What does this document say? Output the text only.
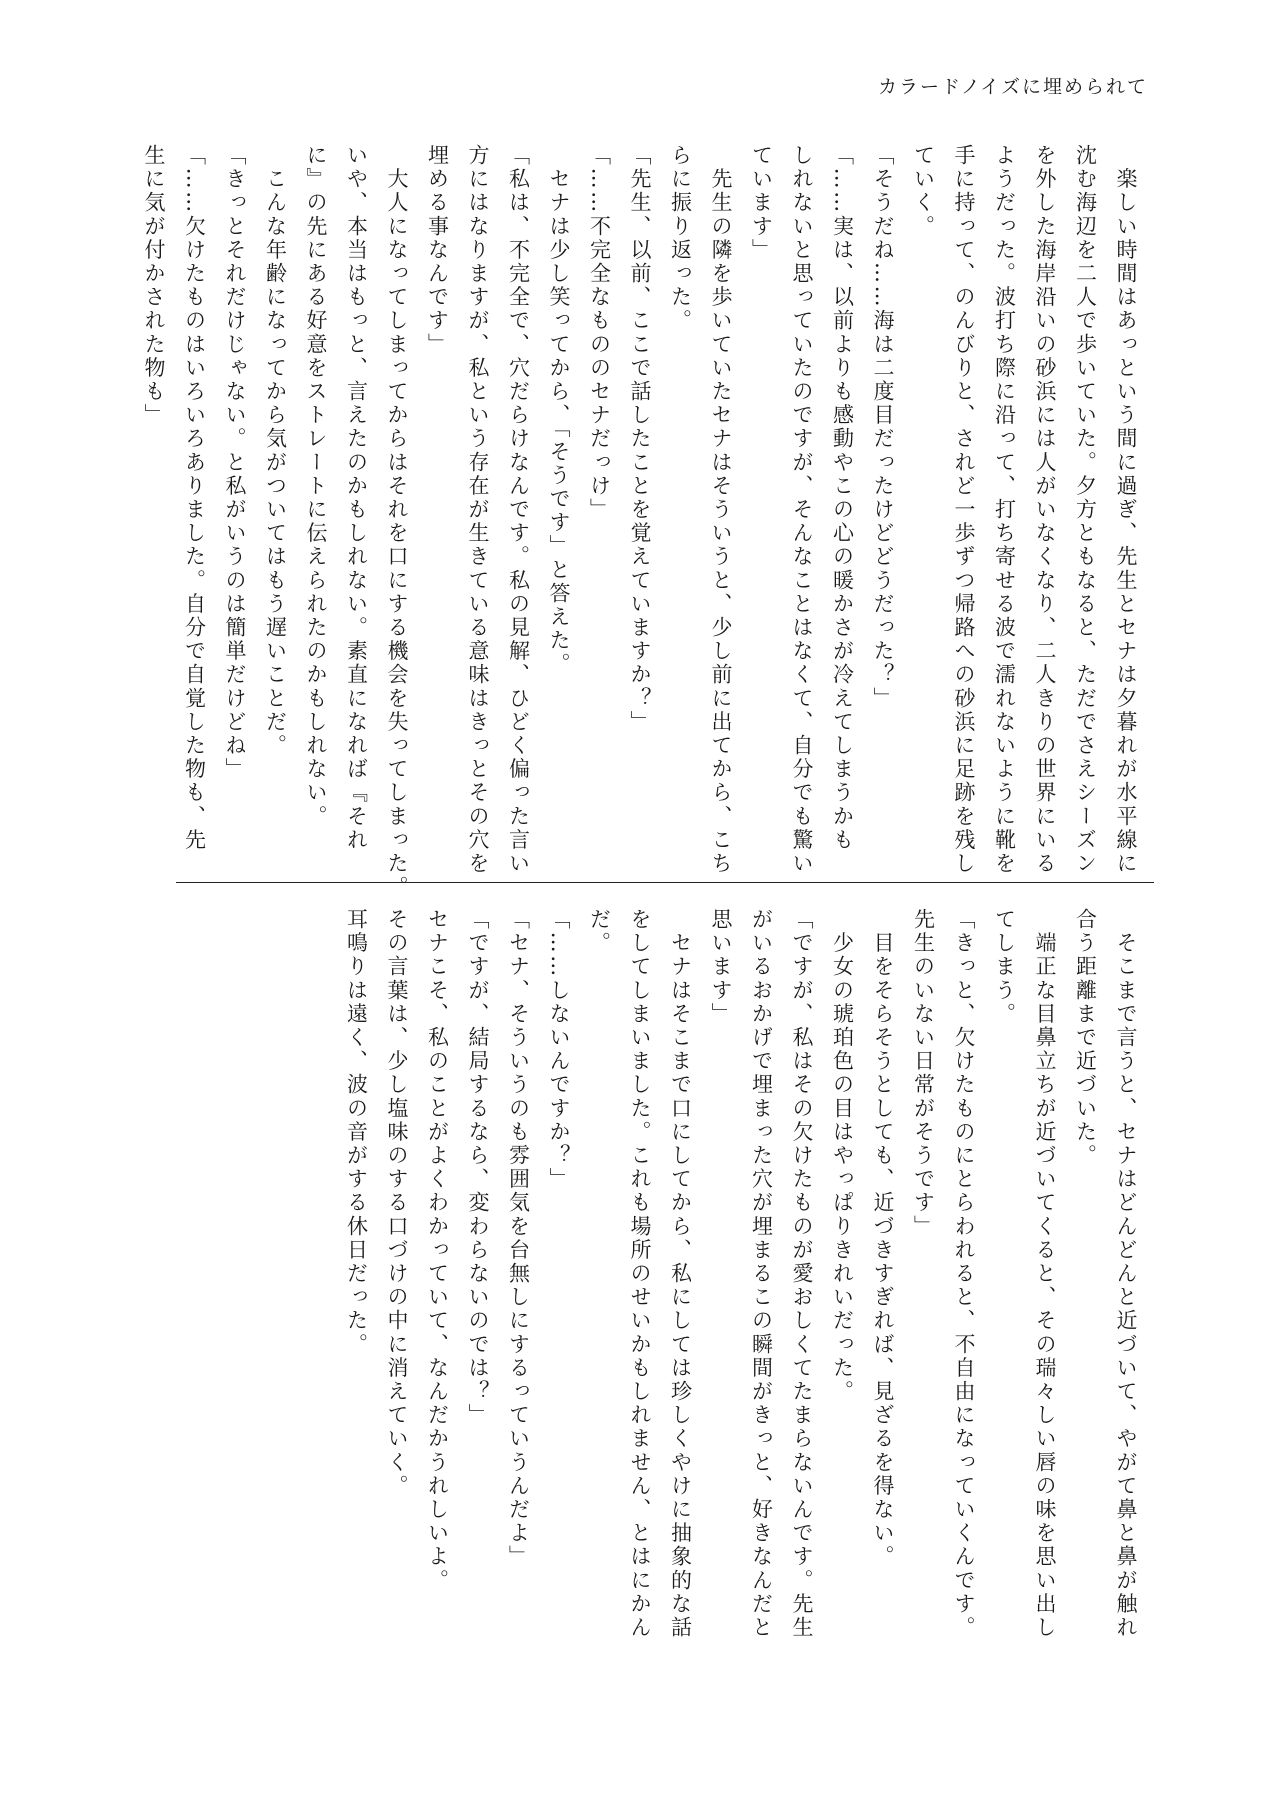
カラードノイズに埋められて

　楽しい時間はあっという間に過ぎ、先生とセナは夕暮れが水平線に

沈む海辺を二人で歩いていた。夕方ともなると、ただでさえシーズン

を外した海岸沿いの砂浜には人がいなくなり、二人きりの世界にいる

ようだった。波打ち際に沿って、打ち寄せる波で濡れないように靴を

手に持って、のんびりと、されど一歩ずつ帰路への砂浜に足跡を残し

ていく。

「そうだね……海は二度目だったけどどうだった？」

「……実は、以前よりも感動やこの心の暖かさが冷えてしまうかも

しれないと思っていたのですが、そんなことはなくて、自分でも驚い

ています」

　先生の隣を歩いていたセナはそういうと、少し前に出てから、こち

らに振り返った。

「先生、以前、ここで話したことを覚えていますか？」

「……不完全なもののセナだっけ」

　セナは少し笑ってから、「そうです」と答えた。

「私は、不完全で、穴だらけなんです。私の見解、ひどく偏った言い

方にはなりますが、私という存在が生きている意味はきっとその穴を

埋める事なんです」

　大人になってしまってからはそれを口にする機会を失ってしまった。

いや、本当はもっと、言えたのかもしれない。素直になれば『それ

に』の先にある好意をストレートに伝えられたのかもしれない。

　こんな年齢になってから気がついてはもう遅いことだ。

「きっとそれだけじゃない。と私がいうのは簡単だけどね」

「……欠けたものはいろいろありました。自分で自覚した物も、先

生に気が付かされた物も」

　そこまで言うと、セナはどんどんと近づいて、やがて鼻と鼻が触れ

合う距離まで近づいた。

　端正な目鼻立ちが近づいてくると、その瑞々しい唇の味を思い出し

てしまう。

「きっと、欠けたものにとらわれると、不自由になっていくんです。

先生のいない日常がそうです」

　目をそらそうとしても、近づきすぎれば、見ざるを得ない。

　少女の琥珀色の目はやっぱりきれいだった。

「ですが、私はその欠けたものが愛おしくてたまらないんです。先生

がいるおかげで埋まった穴が埋まるこの瞬間がきっと、好きなんだと

思います」

　セナはそこまで口にしてから、私にしては珍しくやけに抽象的な話

をしてしまいました。これも場所のせいかもしれません、とはにかん

だ。

「……しないんですか？」

「セナ、そういうのも雰囲気を台無しにするっていうんだよ」

「ですが、結局するなら、変わらないのでは？」

セナこそ、私のことがよくわかっていて、なんだかうれしいよ。

その言葉は、少し塩味のする口づけの中に消えていく。

耳鳴りは遠く、波の音がする休日だった。
